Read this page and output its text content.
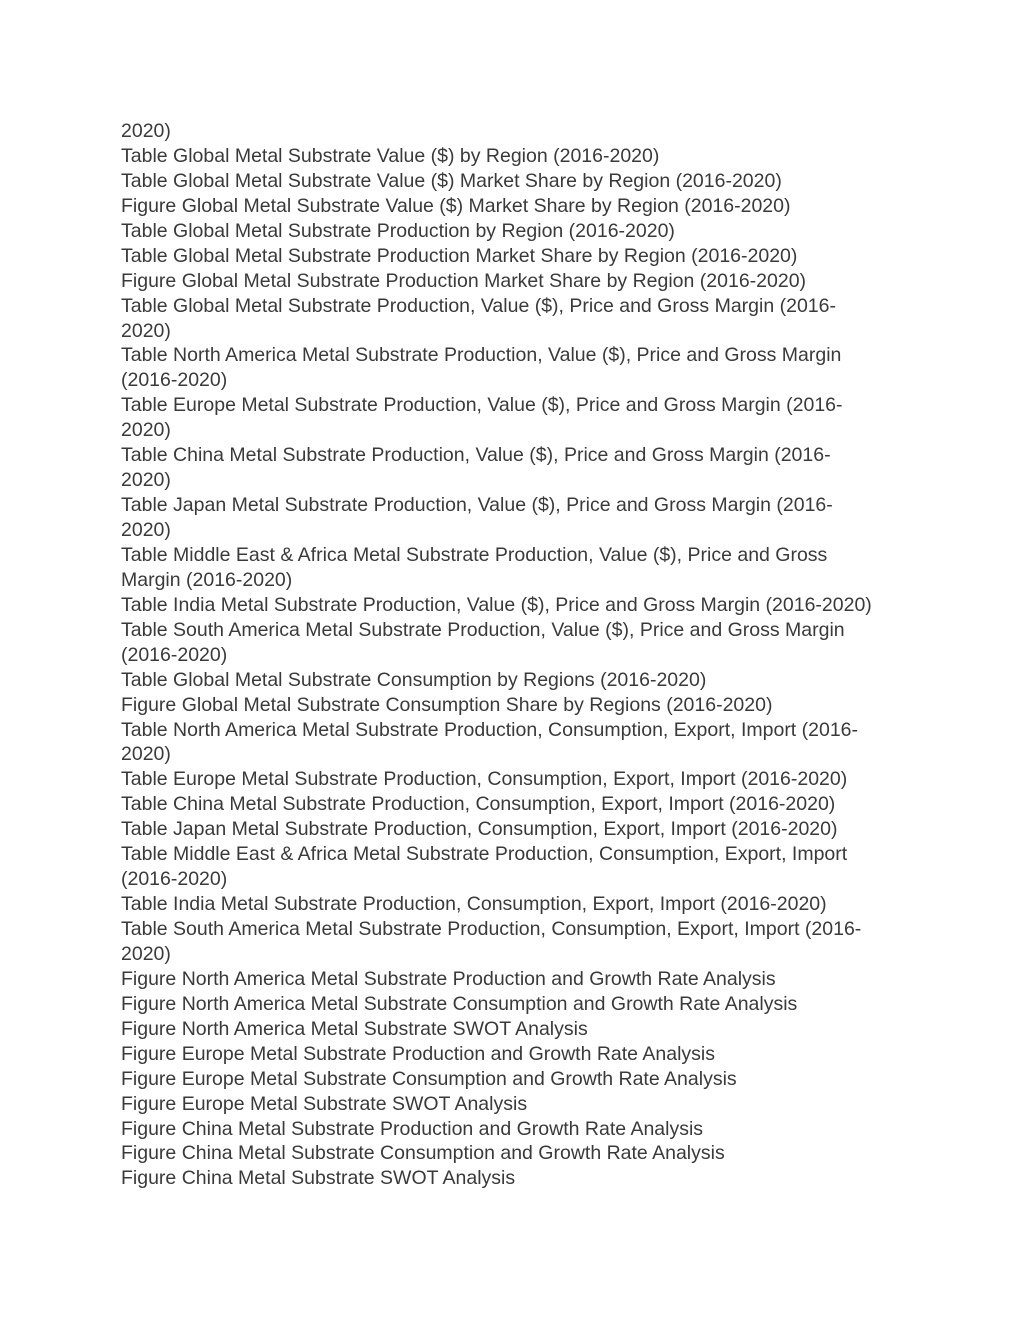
2020)
Table Global Metal Substrate Value ($) by Region (2016-2020)
Table Global Metal Substrate Value ($) Market Share by Region (2016-2020)
Figure Global Metal Substrate Value ($) Market Share by Region (2016-2020)
Table Global Metal Substrate Production by Region (2016-2020)
Table Global Metal Substrate Production Market Share by Region (2016-2020)
Figure Global Metal Substrate Production Market Share by Region (2016-2020)
Table Global Metal Substrate Production, Value ($), Price and Gross Margin (2016-
2020)
Table North America Metal Substrate Production, Value ($), Price and Gross Margin
(2016-2020)
Table Europe Metal Substrate Production, Value ($), Price and Gross Margin (2016-
2020)
Table China Metal Substrate Production, Value ($), Price and Gross Margin (2016-
2020)
Table Japan Metal Substrate Production, Value ($), Price and Gross Margin (2016-
2020)
Table Middle East & Africa Metal Substrate Production, Value ($), Price and Gross
Margin (2016-2020)
Table India Metal Substrate Production, Value ($), Price and Gross Margin (2016-2020)
Table South America Metal Substrate Production, Value ($), Price and Gross Margin
(2016-2020)
Table Global Metal Substrate Consumption by Regions (2016-2020)
Figure Global Metal Substrate Consumption Share by Regions (2016-2020)
Table North America Metal Substrate Production, Consumption, Export, Import (2016-
2020)
Table Europe Metal Substrate Production, Consumption, Export, Import (2016-2020)
Table China Metal Substrate Production, Consumption, Export, Import (2016-2020)
Table Japan Metal Substrate Production, Consumption, Export, Import (2016-2020)
Table Middle East & Africa Metal Substrate Production, Consumption, Export, Import
(2016-2020)
Table India Metal Substrate Production, Consumption, Export, Import (2016-2020)
Table South America Metal Substrate Production, Consumption, Export, Import (2016-
2020)
Figure North America Metal Substrate Production and Growth Rate Analysis
Figure North America Metal Substrate Consumption and Growth Rate Analysis
Figure North America Metal Substrate SWOT Analysis
Figure Europe Metal Substrate Production and Growth Rate Analysis
Figure Europe Metal Substrate Consumption and Growth Rate Analysis
Figure Europe Metal Substrate SWOT Analysis
Figure China Metal Substrate Production and Growth Rate Analysis
Figure China Metal Substrate Consumption and Growth Rate Analysis
Figure China Metal Substrate SWOT Analysis
